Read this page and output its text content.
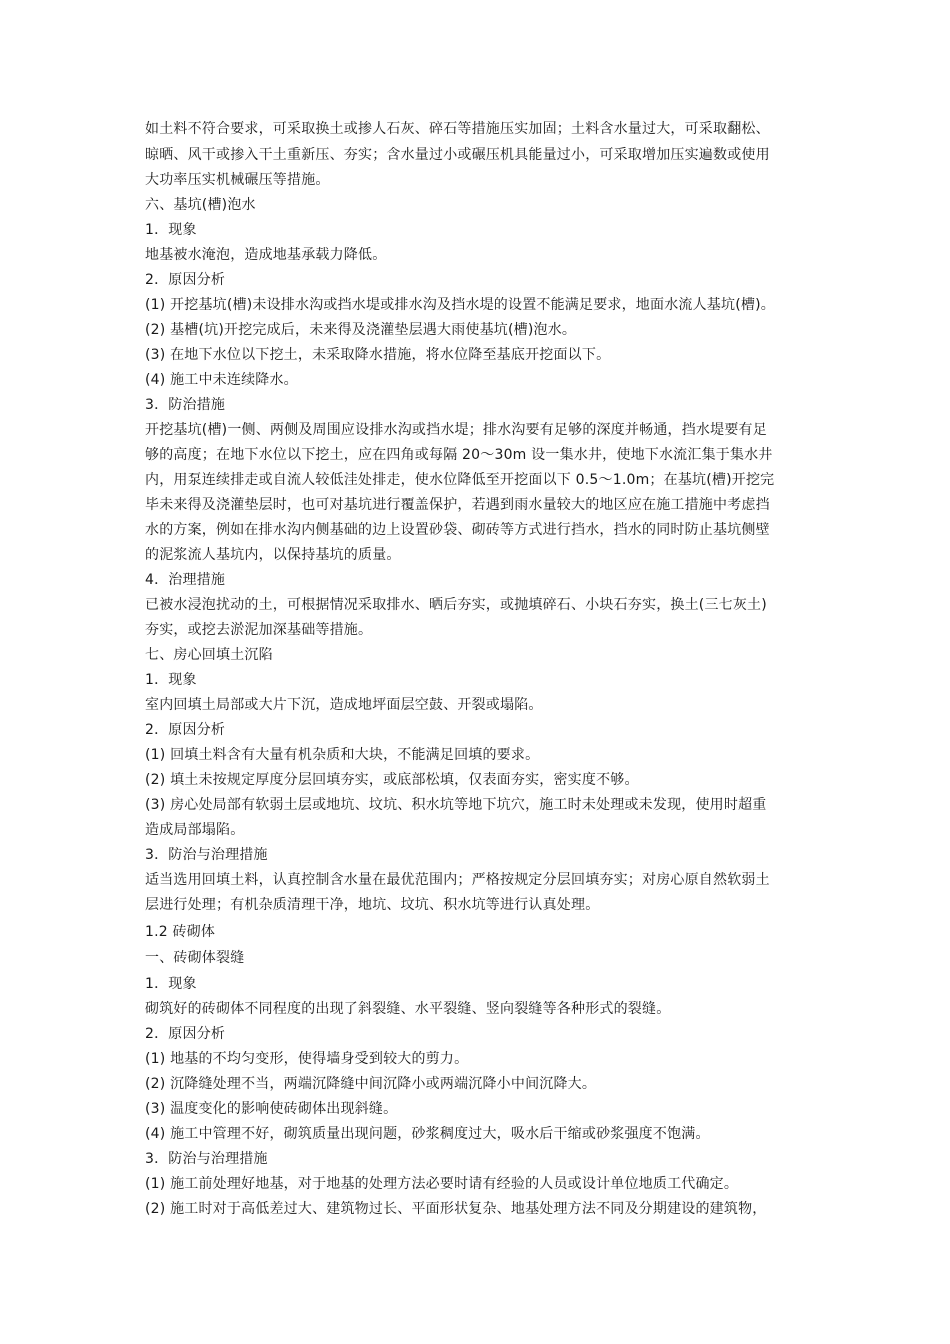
如土料不符合要求，可采取换土或掺人石灰、碎石等措施压实加固；土料含水量过大，可采取翻松、
晾晒、风干或掺入干土重新压、夯实；含水量过小或碾压机具能量过小，可采取增加压实遍数或使用
大功率压实机械碾压等措施。
六、基坑(槽)泡水
1．现象
地基被水淹泡，造成地基承载力降低。
2．原因分析
(1) 开挖基坑(槽)未设排水沟或挡水堤或排水沟及挡水堤的设置不能满足要求，地面水流人基坑(槽)。
(2) 基槽(坑)开挖完成后，未来得及浇灌垫层遇大雨使基坑(槽)泡水。
(3) 在地下水位以下挖土，未采取降水措施，将水位降至基底开挖面以下。
(4) 施工中未连续降水。
3．防治措施
开挖基坑(槽)一侧、两侧及周围应设排水沟或挡水堤；排水沟要有足够的深度并畅通，挡水堤要有足
够的高度；在地下水位以下挖土，应在四角或每隔 20～30m 设一集水井，使地下水流汇集于集水井
内，用泵连续排走或自流人较低洼处排走，使水位降低至开挖面以下 0.5～1.0m；在基坑(槽)开挖完
毕未来得及浇灌垫层时，也可对基坑进行覆盖保护，若遇到雨水量较大的地区应在施工措施中考虑挡
水的方案，例如在排水沟内侧基础的边上设置砂袋、砌砖等方式进行挡水，挡水的同时防止基坑侧壁
的泥浆流人基坑内，以保持基坑的质量。
4．治理措施
已被水浸泡扰动的土，可根据情况采取排水、晒后夯实，或抛填碎石、小块石夯实，换土(三七灰土)
夯实，或挖去淤泥加深基础等措施。
七、房心回填土沉陷
1．现象
室内回填土局部或大片下沉，造成地坪面层空鼓、开裂或塌陷。
2．原因分析
(1) 回填土料含有大量有机杂质和大块，不能满足回填的要求。
(2) 填土未按规定厚度分层回填夯实，或底部松填，仅表面夯实，密实度不够。
(3) 房心处局部有软弱土层或地坑、坟坑、积水坑等地下坑穴，施工时未处理或未发现，使用时超重
造成局部塌陷。
3．防治与治理措施
适当选用回填土料，认真控制含水量在最优范围内；严格按规定分层回填夯实；对房心原自然软弱土
层进行处理；有机杂质清理干净，地坑、坟坑、积水坑等进行认真处理。
1.2 砖砌体
一、砖砌体裂缝
1．现象
砌筑好的砖砌体不同程度的出现了斜裂缝、水平裂缝、竖向裂缝等各种形式的裂缝。
2．原因分析
(1) 地基的不均匀变形，使得墙身受到较大的剪力。
(2) 沉降缝处理不当，两端沉降缝中间沉降小或两端沉降小中间沉降大。
(3) 温度变化的影响使砖砌体出现斜缝。
(4) 施工中管理不好，砌筑质量出现问题，砂浆稠度过大，吸水后干缩或砂浆强度不饱满。
3．防治与治理措施
(1) 施工前处理好地基，对于地基的处理方法必要时请有经验的人员或设计单位地质工代确定。
(2) 施工时对于高低差过大、建筑物过长、平面形状复杂、地基处理方法不同及分期建设的建筑物，
